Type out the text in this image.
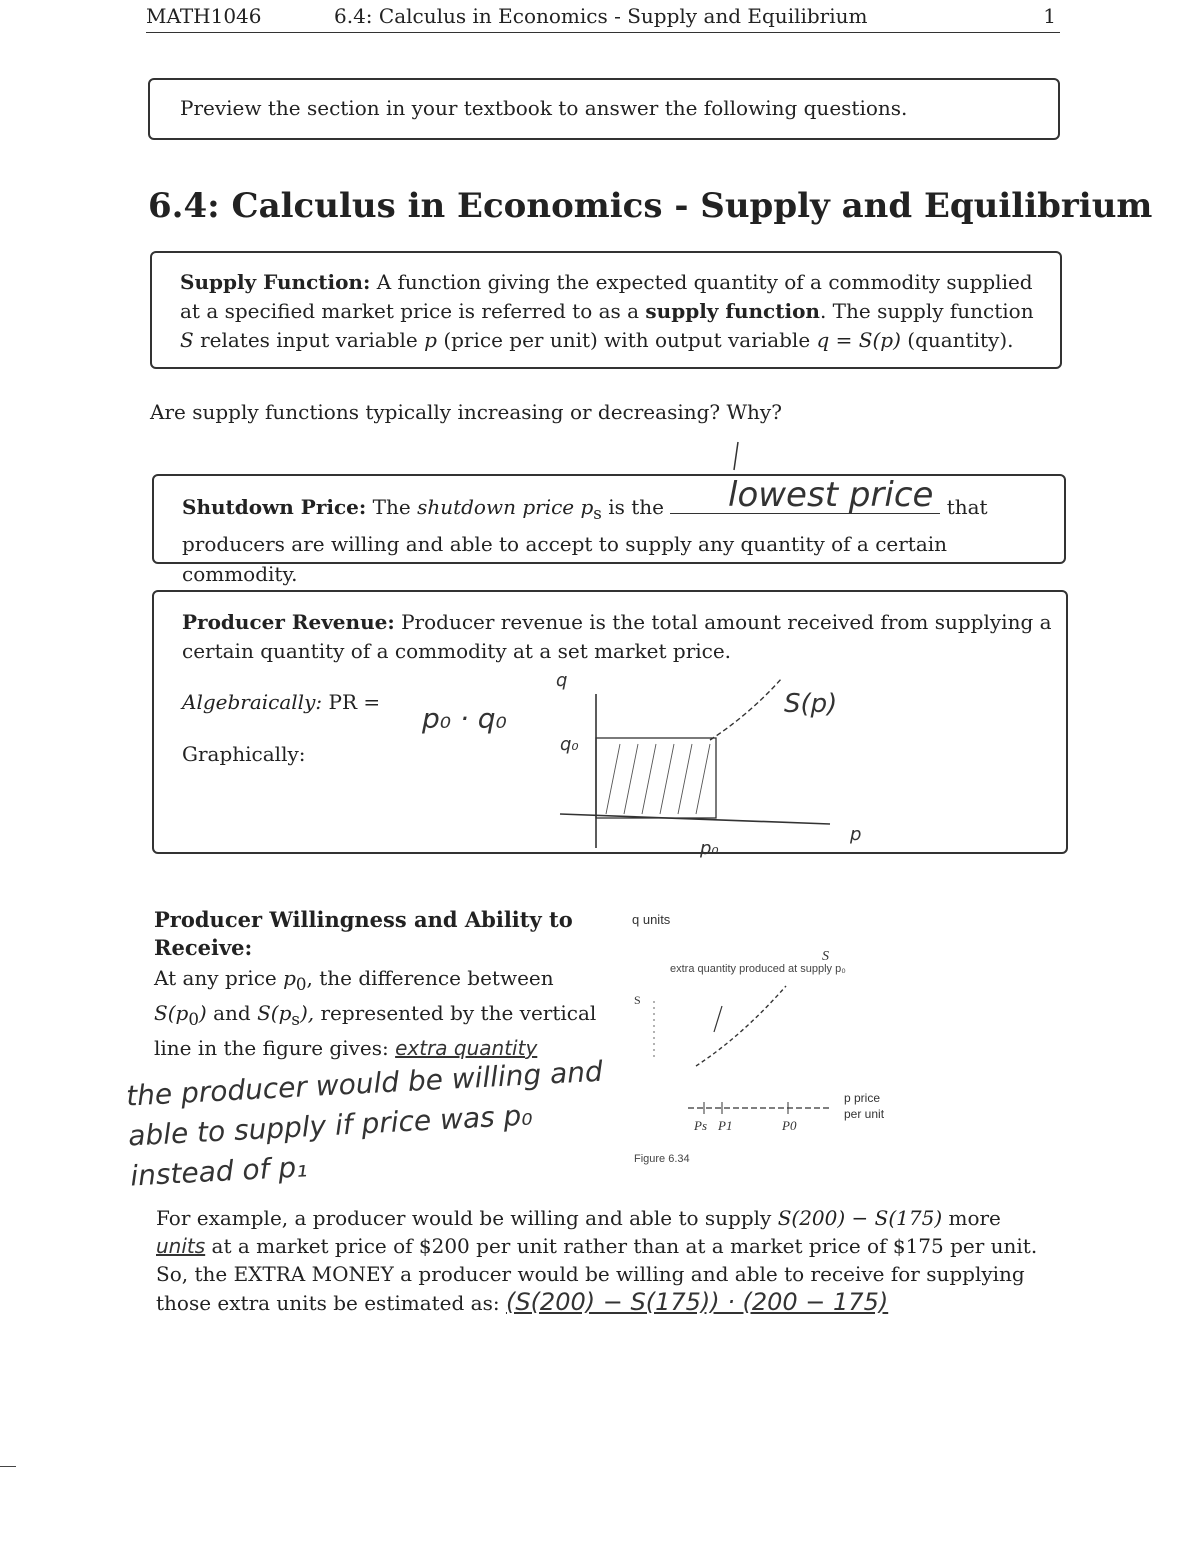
MATH1046	6.4: Calculus in Economics - Supply and Equilibrium	1
Preview the section in your textbook to answer the following questions.
6.4: Calculus in Economics - Supply and Equilibrium
Supply Function: A function giving the expected quantity of a commodity supplied at a specified market price is referred to as a supply function. The supply function S relates input variable p (price per unit) with output variable q = S(p) (quantity).
Are supply functions typically increasing or decreasing? Why?
Shutdown Price: The shutdown price $p_s$ is the	that producers are willing and able to accept to supply any quantity of a certain commodity.
lowest price
Producer Revenue: Producer revenue is the total amount received from supplying a certain quantity of a commodity at a set market price.
Algebraically: PR =
Graphically:
p₀ · q₀
q
S(p)
q₀
p₀
p
Producer Willingness and Ability to Receive:
At any price $p_0$, the difference between $S(p_0)$ and $S(p_s)$, represented by the vertical line in the figure gives: extra quantity
the producer would be willing and able to supply if price was p₀ instead of p₁
q units
extra quantity produced at supply p₀
S
S
Ps P1	P0
p price
per unit
Figure 6.34
For example, a producer would be willing and able to supply S(200) − S(175) more units at a market price of $200 per unit rather than at a market price of $175 per unit. So, the EXTRA MONEY a producer would be willing and able to receive for supplying those extra units be estimated as: (S(200) − S(175)) · (200 − 175)
